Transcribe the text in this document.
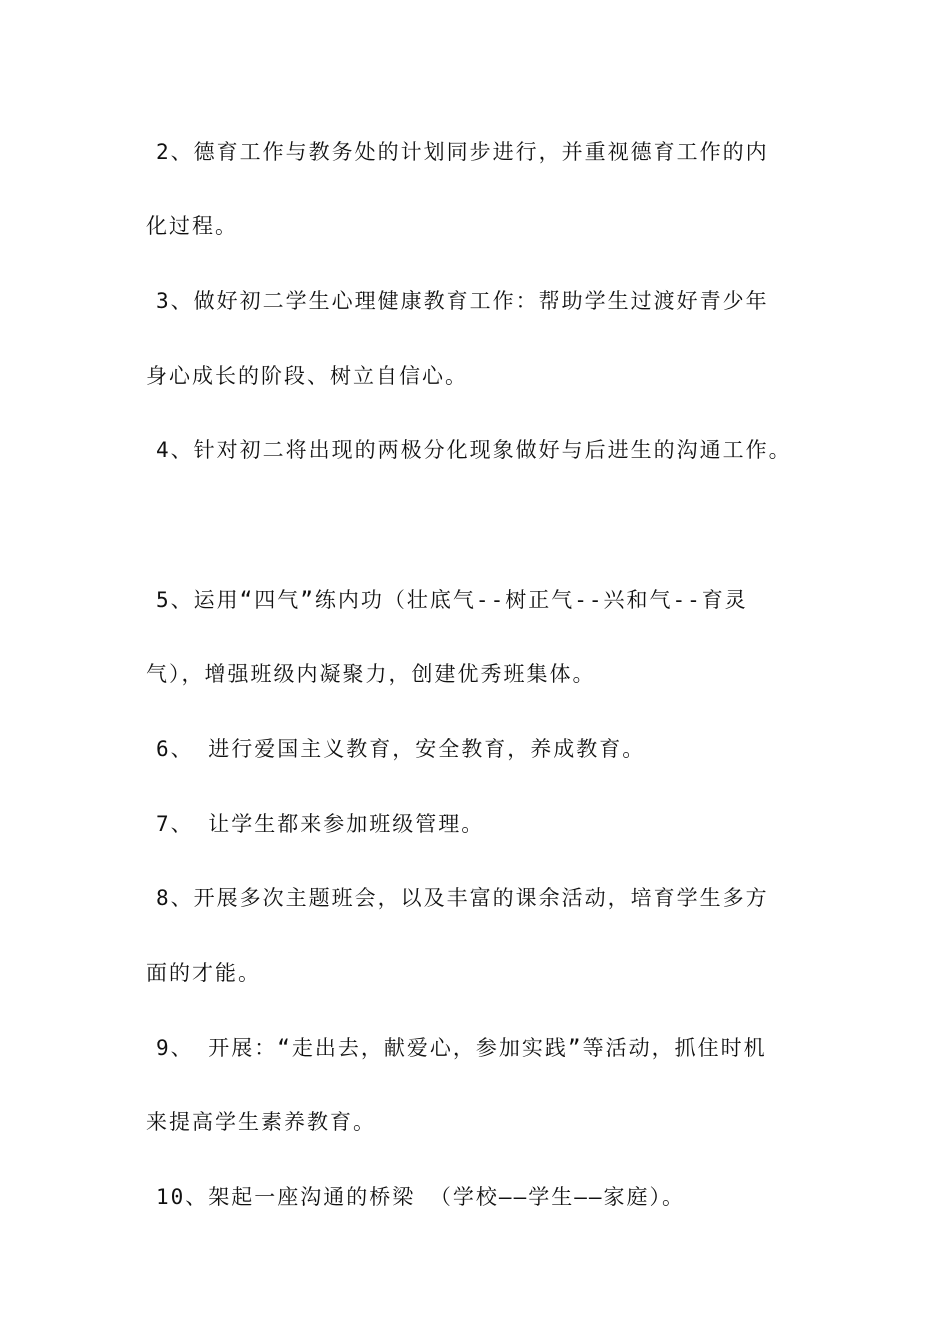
2、德育工作与教务处的计划同步进行，并重视德育工作的内
化过程。
3、做好初二学生心理健康教育工作：帮助学生过渡好青少年
身心成长的阶段、树立自信心。
4、针对初二将出现的两极分化现象做好与后进生的沟通工作。
5、运用“四气”练内功（壮底气--树正气--兴和气--育灵
气），增强班级内凝聚力，创建优秀班集体。
6、 进行爱国主义教育，安全教育，养成教育。
7、 让学生都来参加班级管理。
8、开展多次主题班会，以及丰富的课余活动，培育学生多方
面的才能。
9、 开展：“走出去，献爱心，参加实践”等活动，抓住时机
来提高学生素养教育。
10、架起一座沟通的桥梁 （学校——学生——家庭）。
